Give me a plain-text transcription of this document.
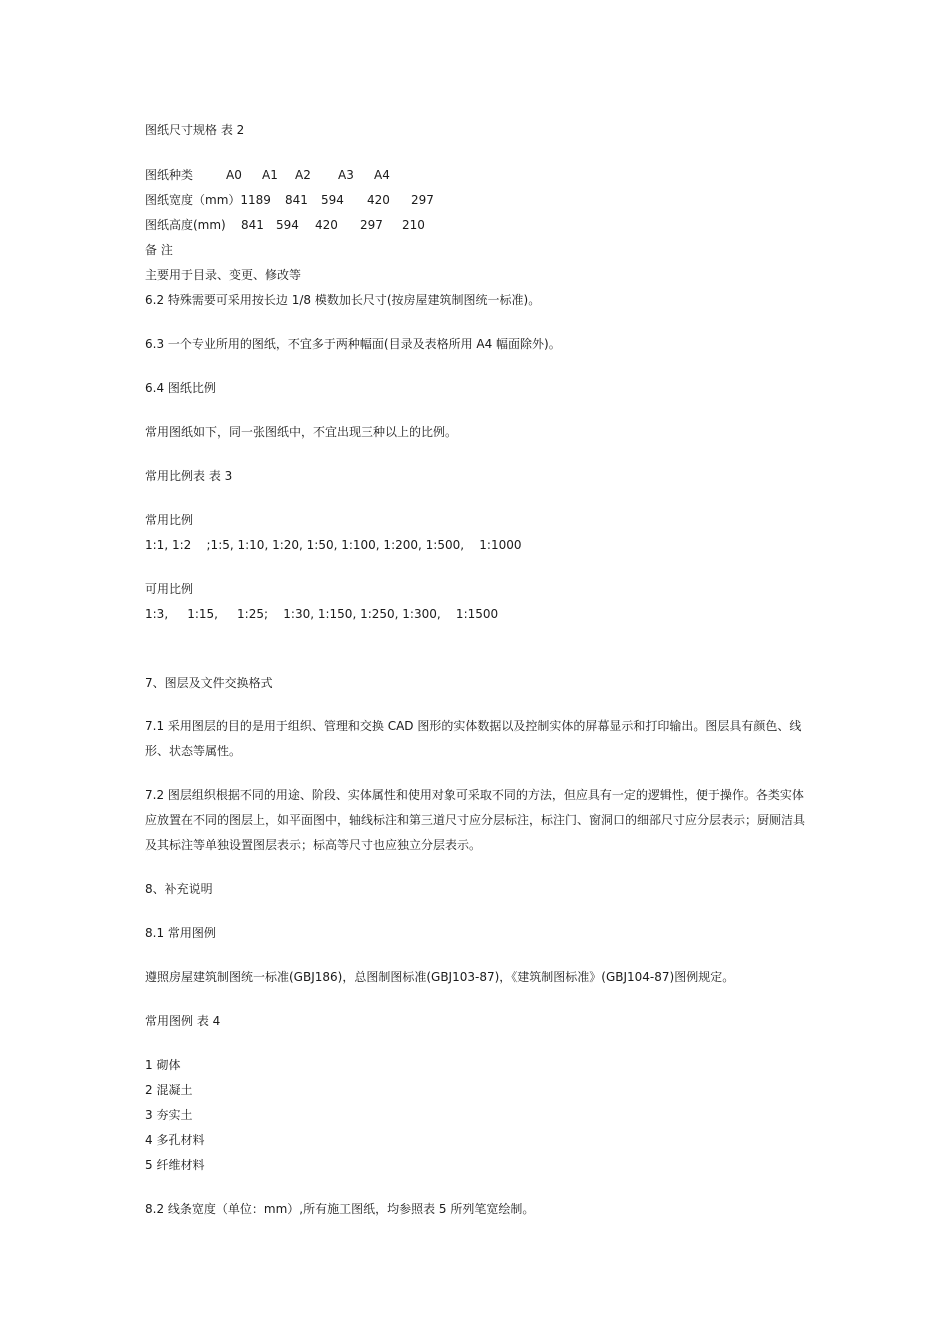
图纸尺寸规格 表 2
图纸种类	A0 A1 A2 A3 A4
图纸宽度（mm）1189 841 594 420 297
图纸高度(mm) 841 594 420 297 210
备 注
主要用于目录、变更、修改等
6.2 特殊需要可采用按长边 1/8 模数加长尺寸(按房屋建筑制图统一标准)。
6.3 一个专业所用的图纸，不宜多于两种幅面(目录及表格所用 A4 幅面除外)。
6.4 图纸比例
常用图纸如下，同一张图纸中，不宜出现三种以上的比例。
常用比例表 表 3
常用比例
1:1, 1:2    ;1:5, 1:10, 1:20, 1:50, 1:100, 1:200, 1:500,    1:1000
可用比例
1:3,     1:15,     1:25;    1:30, 1:150, 1:250, 1:300,    1:1500
7、图层及文件交换格式
7.1 采用图层的目的是用于组织、管理和交换 CAD 图形的实体数据以及控制实体的屏幕显示和打印输出。图层具有颜色、线形、状态等属性。
7.2 图层组织根据不同的用途、阶段、实体属性和使用对象可采取不同的方法，但应具有一定的逻辑性，便于操作。各类实体应放置在不同的图层上，如平面图中，轴线标注和第三道尺寸应分层标注，标注门、窗洞口的细部尺寸应分层表示；厨厕洁具及其标注等单独设置图层表示；标高等尺寸也应独立分层表示。
8、补充说明
8.1 常用图例
遵照房屋建筑制图统一标准(GBJ186)，总图制图标准(GBJ103-87)，《建筑制图标准》(GBJ104-87)图例规定。
常用图例 表 4
1 砌体
2 混凝土
3 夯实土
4 多孔材料
5 纤维材料
8.2 线条宽度（单位：mm）,所有施工图纸，均参照表 5 所列笔宽绘制。
